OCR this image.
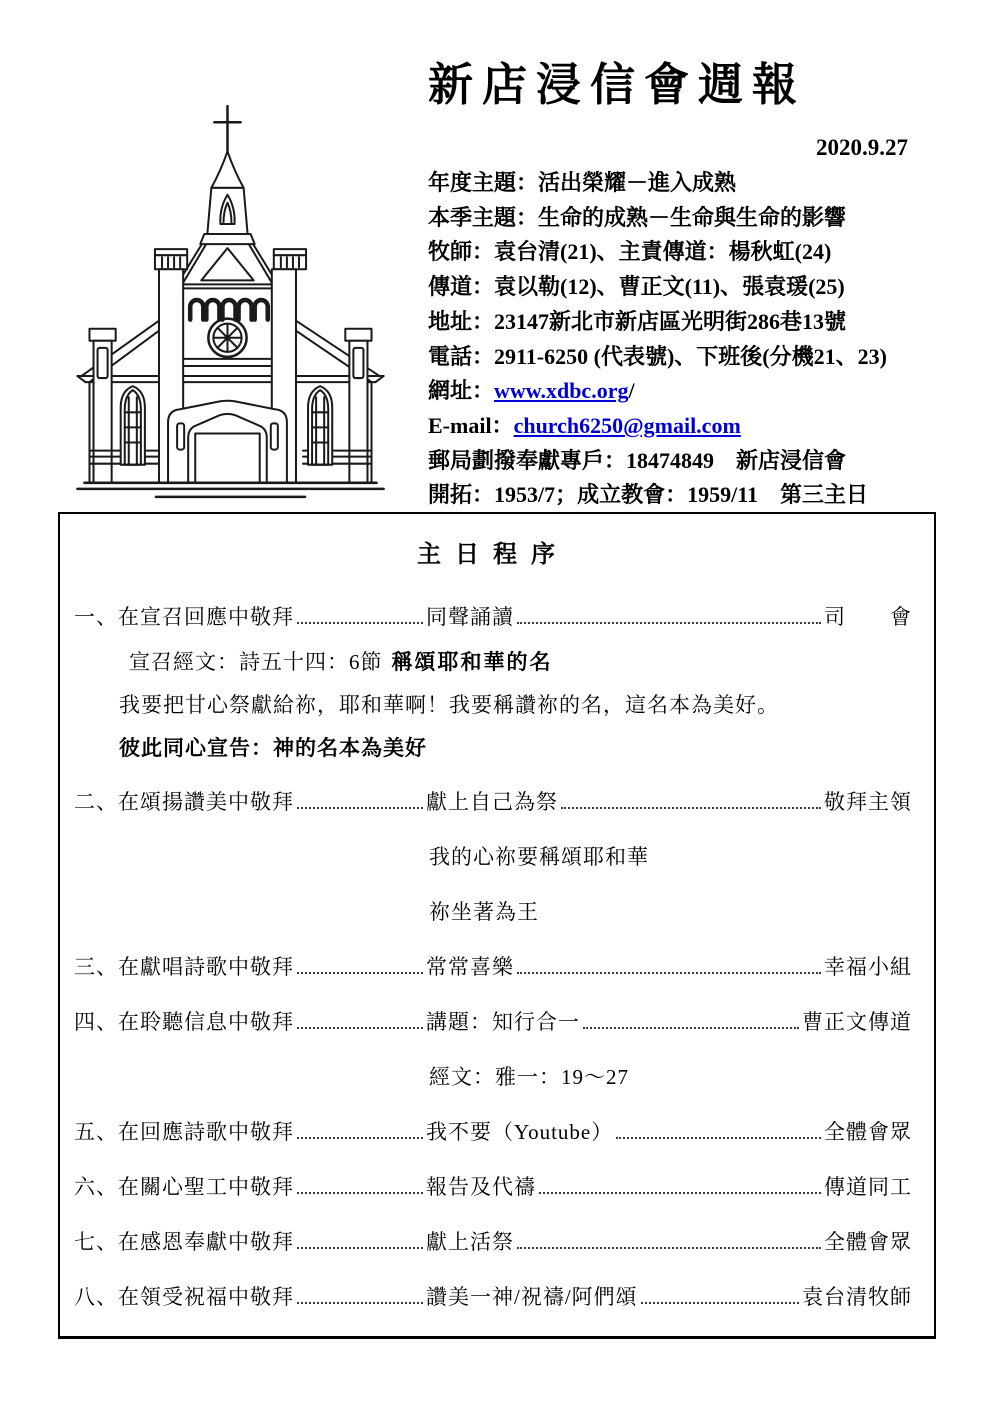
新店浸信會週報
2020.9.27
年度主題：活出榮耀－進入成熟
本季主題：生命的成熟－生命與生命的影響
牧師：袁台清(21)、主責傳道：楊秋虹(24)
傳道：袁以勒(12)、曹正文(11)、張袁瑗(25)
地址：23147新北市新店區光明街286巷13號
電話：2911-6250 (代表號)、下班後(分機21、23)
網址：www.xdbc.org/
E-mail：church6250@gmail.com
郵局劃撥奉獻專戶：18474849　新店浸信會
開拓：1953/7；成立教會：1959/11　第三主日
主日程序
一、在宣召回應中敬拜	同聲誦讀	司　　會
宣召經文：詩五十四：6節 稱頌耶和華的名
我要把甘心祭獻給祢，耶和華啊！我要稱讚祢的名，這名本為美好。
彼此同心宣告：神的名本為美好
二、在頌揚讚美中敬拜	獻上自己為祭	敬拜主領
我的心祢要稱頌耶和華
祢坐著為王
三、在獻唱詩歌中敬拜	常常喜樂	幸福小組
四、在聆聽信息中敬拜	講題：知行合一	曹正文傳道
經文：雅一：19～27
五、在回應詩歌中敬拜	我不要（Youtube）	全體會眾
六、在關心聖工中敬拜	報告及代禱	傳道同工
七、在感恩奉獻中敬拜	獻上活祭	全體會眾
八、在領受祝福中敬拜	讚美一神/祝禱/阿們頌	袁台清牧師
